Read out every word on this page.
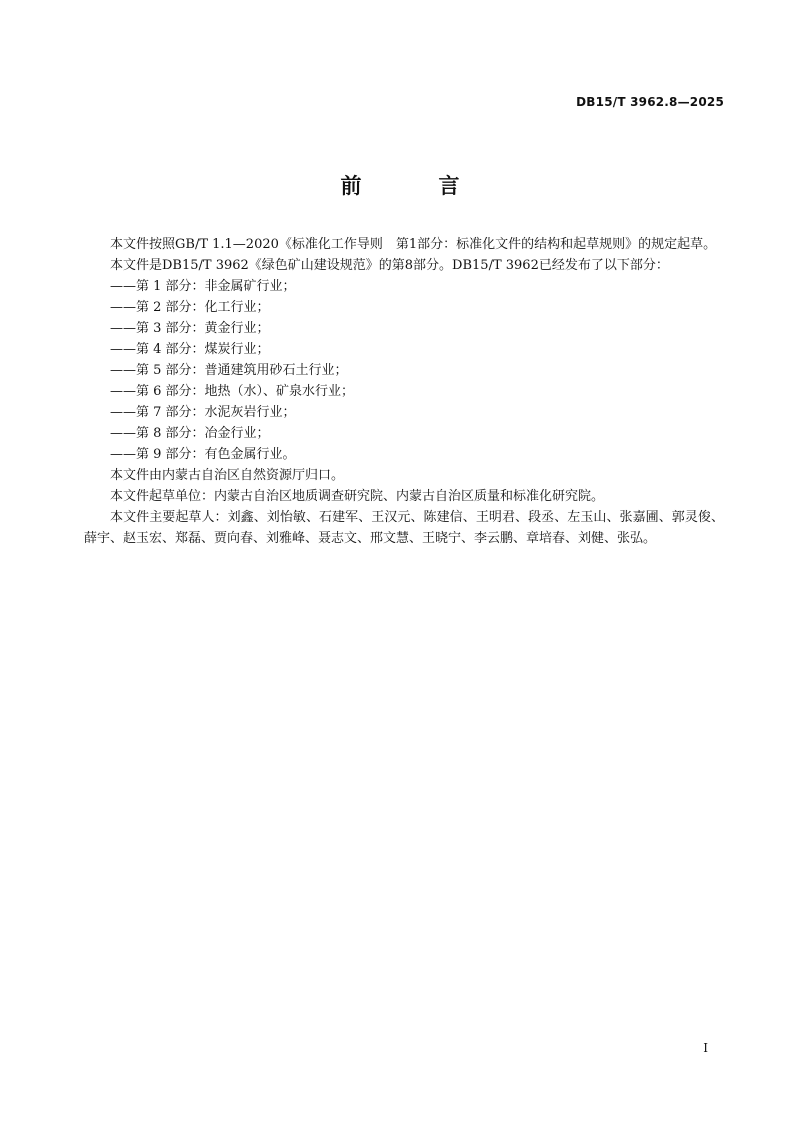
DB15/T 3962.8—2025
前　言

本文件按照GB/T 1.1—2020《标准化工作导则　第1部分：标准化文件的结构和起草规则》的规定起草。

本文件是DB15/T 3962《绿色矿山建设规范》的第8部分。DB15/T 3962已经发布了以下部分：

——第 1 部分：非金属矿行业；
——第 2 部分：化工行业；
——第 3 部分：黄金行业；
——第 4 部分：煤炭行业；
——第 5 部分：普通建筑用砂石土行业；
——第 6 部分：地热（水）、矿泉水行业；
——第 7 部分：水泥灰岩行业；
——第 8 部分：冶金行业；
——第 9 部分：有色金属行业。

本文件由内蒙古自治区自然资源厅归口。

本文件起草单位：内蒙古自治区地质调查研究院、内蒙古自治区质量和标准化研究院。

本文件主要起草人：刘鑫、刘怡敏、石建军、王汉元、陈建信、王明君、段丞、左玉山、张嘉圃、郭灵俊、薛宇、赵玉宏、郑磊、贾向春、刘雅峰、聂志文、邢文慧、王晓宁、李云鹏、章培春、刘健、张弘。

I
